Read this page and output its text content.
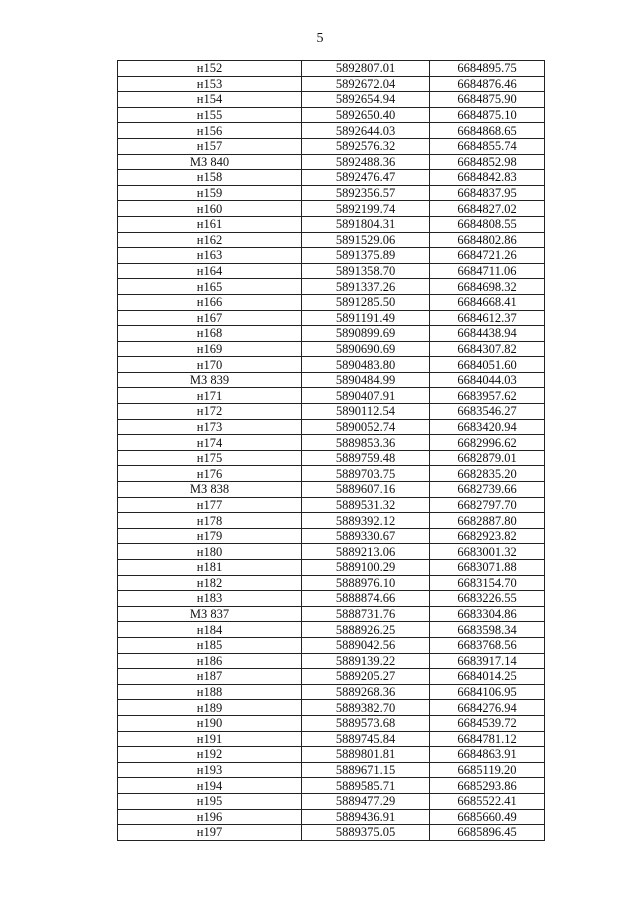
5
н152	5892807.01	6684895.75
н153	5892672.04	6684876.46
н154	5892654.94	6684875.90
н155	5892650.40	6684875.10
н156	5892644.03	6684868.65
н157	5892576.32	6684855.74
МЗ 840	5892488.36	6684852.98
н158	5892476.47	6684842.83
н159	5892356.57	6684837.95
н160	5892199.74	6684827.02
н161	5891804.31	6684808.55
н162	5891529.06	6684802.86
н163	5891375.89	6684721.26
н164	5891358.70	6684711.06
н165	5891337.26	6684698.32
н166	5891285.50	6684668.41
н167	5891191.49	6684612.37
н168	5890899.69	6684438.94
н169	5890690.69	6684307.82
н170	5890483.80	6684051.60
МЗ 839	5890484.99	6684044.03
н171	5890407.91	6683957.62
н172	5890112.54	6683546.27
н173	5890052.74	6683420.94
н174	5889853.36	6682996.62
н175	5889759.48	6682879.01
н176	5889703.75	6682835.20
МЗ 838	5889607.16	6682739.66
н177	5889531.32	6682797.70
н178	5889392.12	6682887.80
н179	5889330.67	6682923.82
н180	5889213.06	6683001.32
н181	5889100.29	6683071.88
н182	5888976.10	6683154.70
н183	5888874.66	6683226.55
МЗ 837	5888731.76	6683304.86
н184	5888926.25	6683598.34
н185	5889042.56	6683768.56
н186	5889139.22	6683917.14
н187	5889205.27	6684014.25
н188	5889268.36	6684106.95
н189	5889382.70	6684276.94
н190	5889573.68	6684539.72
н191	5889745.84	6684781.12
н192	5889801.81	6684863.91
н193	5889671.15	6685119.20
н194	5889585.71	6685293.86
н195	5889477.29	6685522.41
н196	5889436.91	6685660.49
н197	5889375.05	6685896.45
